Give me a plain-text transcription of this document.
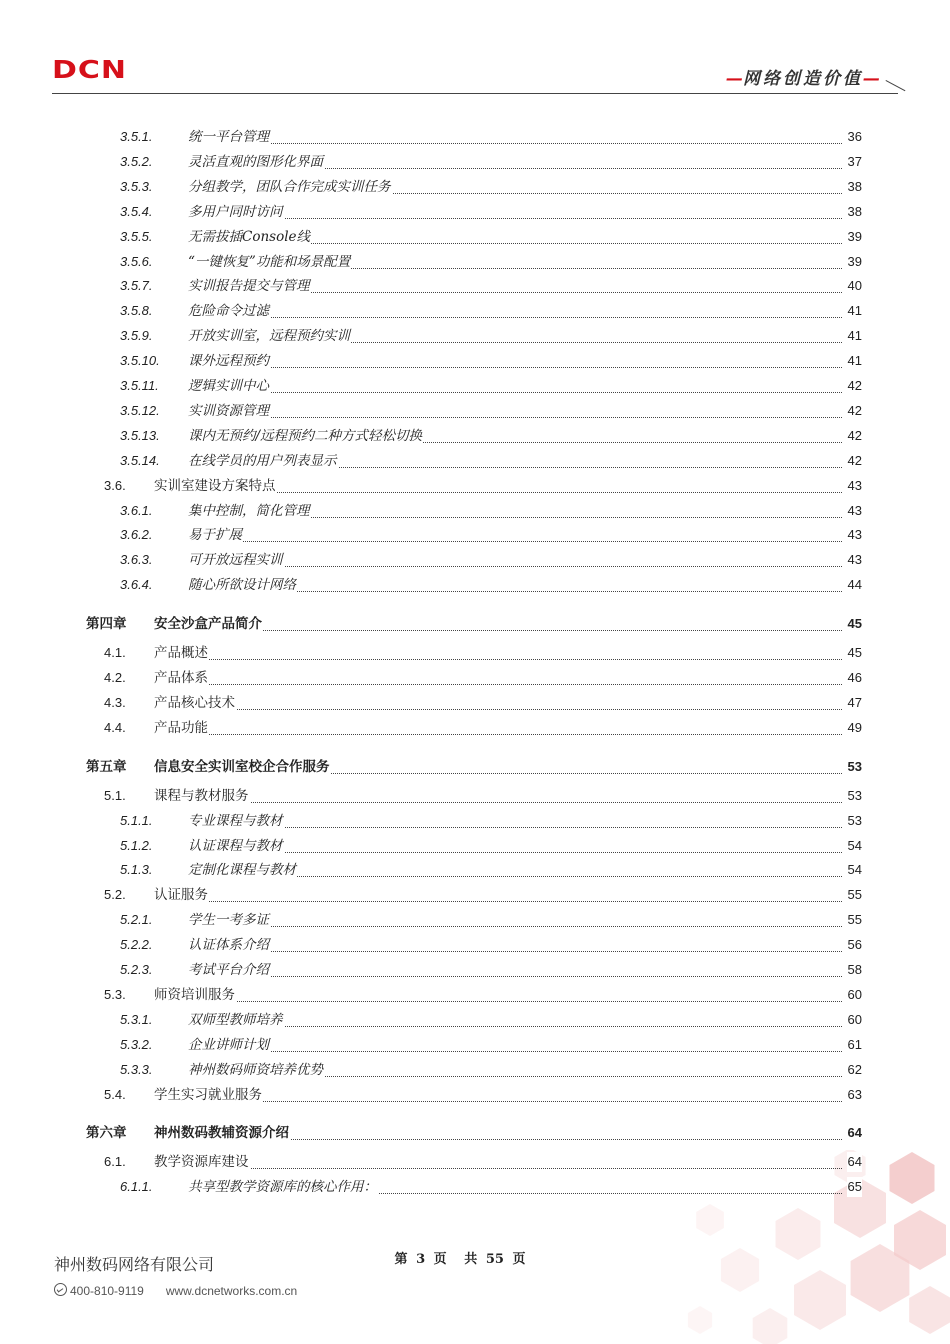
DCN	—网络创造价值—
3.5.1.	统一平台管理	36
3.5.2.	灵活直观的图形化界面	37
3.5.3.	分组教学，团队合作完成实训任务	38
3.5.4.	多用户同时访问	38
3.5.5.	无需拔插Console线	39
3.5.6.	“一键恢复”功能和场景配置	39
3.5.7.	实训报告提交与管理	40
3.5.8.	危险命令过滤	41
3.5.9.	开放实训室，远程预约实训	41
3.5.10. 课外远程预约	41
3.5.11. 逻辑实训中心	42
3.5.12. 实训资源管理	42
3.5.13. 课内无预约/远程预约二种方式轻松切换	42
3.5.14. 在线学员的用户列表显示	42
3.6. 实训室建设方案特点	43
3.6.1.	集中控制，简化管理	43
3.6.2.	易于扩展	43
3.6.3.	可开放远程实训	43
3.6.4.	随心所欲设计网络	44
第四章 安全沙盒产品简介	45
4.1. 产品概述	45
4.2. 产品体系	46
4.3. 产品核心技术	47
4.4. 产品功能	49
第五章 信息安全实训室校企合作服务	53
5.1. 课程与教材服务	53
5.1.1.	专业课程与教材	53
5.1.2.	认证课程与教材	54
5.1.3.	定制化课程与教材	54
5.2. 认证服务	55
5.2.1.	学生一考多证	55
5.2.2.	认证体系介绍	56
5.2.3.	考试平台介绍	58
5.3. 师资培训服务	60
5.3.1.	双师型教师培养	60
5.3.2.	企业讲师计划	61
5.3.3.	神州数码师资培养优势	62
5.4. 学生实习就业服务	63
第六章 神州数码教辅资源介绍	64
6.1. 教学资源库建设	64
6.1.1.	共享型教学资源库的核心作用：	65
神州数码网络有限公司
400-810-9119 www.dcnetworks.com.cn
第 3 页 共 55 页
